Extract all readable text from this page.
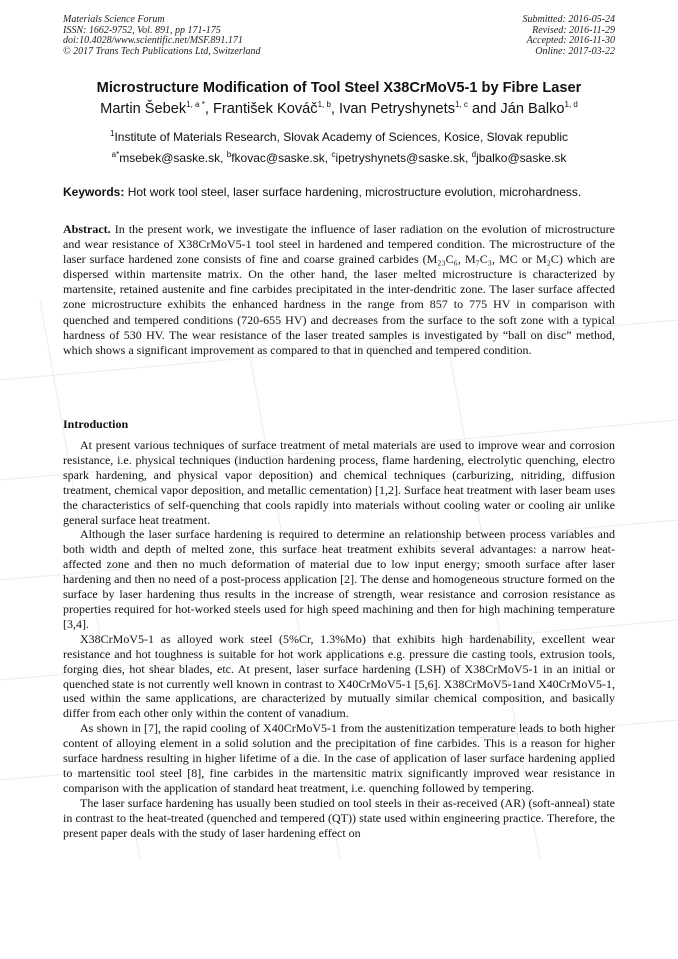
Materials Science Forum
ISSN: 1662-9752, Vol. 891, pp 171-175
doi:10.4028/www.scientific.net/MSF.891.171
© 2017 Trans Tech Publications Ltd, Switzerland
Submitted: 2016-05-24
Revised: 2016-11-29
Accepted: 2016-11-30
Online: 2017-03-22
Microstructure Modification of Tool Steel X38CrMoV5-1 by Fibre Laser
Martin Šebek$^{1, a *}$, František Kováč$^{1, b}$, Ivan Petryshynets$^{1, c}$ and Ján Balko$^{1, d}$
$^1$Institute of Materials Research, Slovak Academy of Sciences, Kosice, Slovak republic
$^{a*}$msebek@saske.sk, $^b$fkovac@saske.sk, $^c$ipetryshynets@saske.sk, $^d$jbalko@saske.sk
Keywords: Hot work tool steel, laser surface hardening, microstructure evolution, microhardness.
Abstract. In the present work, we investigate the influence of laser radiation on the evolution of microstructure and wear resistance of X38CrMoV5-1 tool steel in hardened and tempered condition. The microstructure of the laser surface hardened zone consists of fine and coarse grained carbides (M₂₃C₆, M₇C₃, MC or M₂C) which are dispersed within martensite matrix. On the other hand, the laser melted microstructure is characterized by martensite, retained austenite and fine carbides precipitated in the inter-dendritic zone. The laser surface affected zone microstructure exhibits the enhanced hardness in the range from 857 to 775 HV in comparison with quenched and tempered conditions (720-655 HV) and decreases from the surface to the soft zone with a typical hardness of 530 HV. The wear resistance of the laser treated samples is investigated by “ball on disc” method, which shows a significant improvement as compared to that in quenched and tempered condition.
Introduction

At present various techniques of surface treatment of metal materials are used to improve wear and corrosion resistance, i.e. physical techniques (induction hardening process, flame hardening, electrolytic quenching, electro spark hardening, and physical vapor deposition) and chemical techniques (carburizing, nitriding, diffusion treatment, chemical vapor deposition, and metallic cementation) [1,2]. Surface heat treatment with laser beam uses the characteristics of self-quenching that cools rapidly into materials without cooling water or cooling air unlike general surface heat treatment.

Although the laser surface hardening is required to determine an relationship between process variables and both width and depth of melted zone, this surface heat treatment exhibits several advantages: a narrow heat-affected zone and then no much deformation of material due to low input energy; smooth surface after laser hardening and then no need of a post-process application [2]. The dense and homogeneous structure formed on the surface by laser hardening thus results in the increase of strength, wear resistance and corrosion resistance as properties required for hot-worked steels used for high speed machining and then for high machining temperature [3,4].

X38CrMoV5-1 as alloyed work steel (5%Cr, 1.3%Mo) that exhibits high hardenability, excellent wear resistance and hot toughness is suitable for hot work applications e.g. pressure die casting tools, extrusion tools, forging dies, hot shear blades, etc. At present, laser surface hardening (LSH) of X38CrMoV5-1 in an initial or quenched state is not currently well known in contrast to X40CrMoV5-1 [5,6]. X38CrMoV5-1and X40CrMoV5-1, used within the same applications, are characterized by mutually similar chemical composition, and basically differ from each other only within the content of vanadium.

As shown in [7], the rapid cooling of X40CrMoV5-1 from the austenitization temperature leads to both higher content of alloying element in a solid solution and the precipitation of fine carbides. This is a reason for higher surface hardness resulting in higher lifetime of a die. In the case of application of laser surface hardening applied to martensitic tool steel [8], fine carbides in the martensitic matrix significantly improved wear resistance in comparison with the application of standard heat treatment, i.e. quenching followed by tempering.

The laser surface hardening has usually been studied on tool steels in their as-received (AR) (soft-anneal) state in contrast to the heat-treated (quenched and tempered (QT)) state used within engineering practice. Therefore, the present paper deals with the study of laser hardening effect on
